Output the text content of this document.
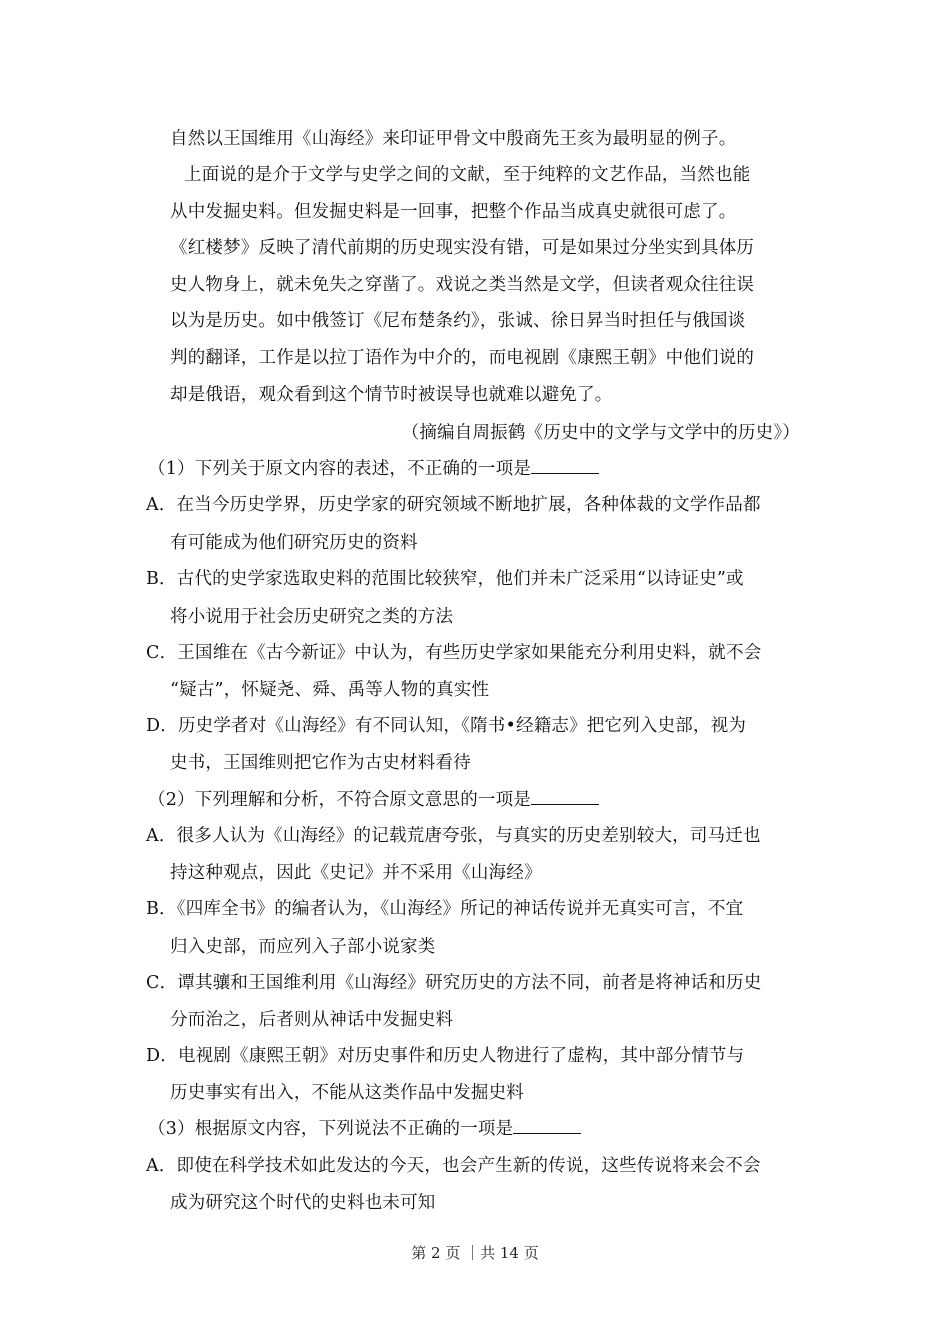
自然以王国维用《山海经》来印证甲骨文中殷商先王亥为最明显的例子。
上面说的是介于文学与史学之间的文献，至于纯粹的文艺作品，当然也能
从中发掘史料。但发掘史料是一回事，把整个作品当成真史就很可虑了。
《红楼梦》反映了清代前期的历史现实没有错，可是如果过分坐实到具体历
史人物身上，就未免失之穿凿了。戏说之类当然是文学，但读者观众往往误
以为是历史。如中俄签订《尼布楚条约》，张诚、徐日昇当时担任与俄国谈
判的翻译，工作是以拉丁语作为中介的，而电视剧《康熙王朝》中他们说的
却是俄语，观众看到这个情节时被误导也就难以避免了。
（摘编自周振鹤《历史中的文学与文学中的历史》）
（1）下列关于原文内容的表述，不正确的一项是
A．在当今历史学界，历史学家的研究领域不断地扩展，各种体裁的文学作品都
有可能成为他们研究历史的资料
B．古代的史学家选取史料的范围比较狭窄，他们并未广泛采用“以诗证史”或
将小说用于社会历史研究之类的方法
C．王国维在《古今新证》中认为，有些历史学家如果能充分利用史料，就不会
“疑古”，怀疑尧、舜、禹等人物的真实性
D．历史学者对《山海经》有不同认知，《隋书•经籍志》把它列入史部，视为
史书，王国维则把它作为古史材料看待
（2）下列理解和分析，不符合原文意思的一项是
A．很多人认为《山海经》的记载荒唐夸张，与真实的历史差别较大，司马迁也
持这种观点，因此《史记》并不采用《山海经》
B．《四库全书》的编者认为，《山海经》所记的神话传说并无真实可言，不宜
归入史部，而应列入子部小说家类
C．谭其骧和王国维利用《山海经》研究历史的方法不同，前者是将神话和历史
分而治之，后者则从神话中发掘史料
D．电视剧《康熙王朝》对历史事件和历史人物进行了虚构，其中部分情节与
历史事实有出入，不能从这类作品中发掘史料
（3）根据原文内容，下列说法不正确的一项是
A．即使在科学技术如此发达的今天，也会产生新的传说，这些传说将来会不会
成为研究这个时代的史料也未可知
第 2 页 ｜共 14 页
